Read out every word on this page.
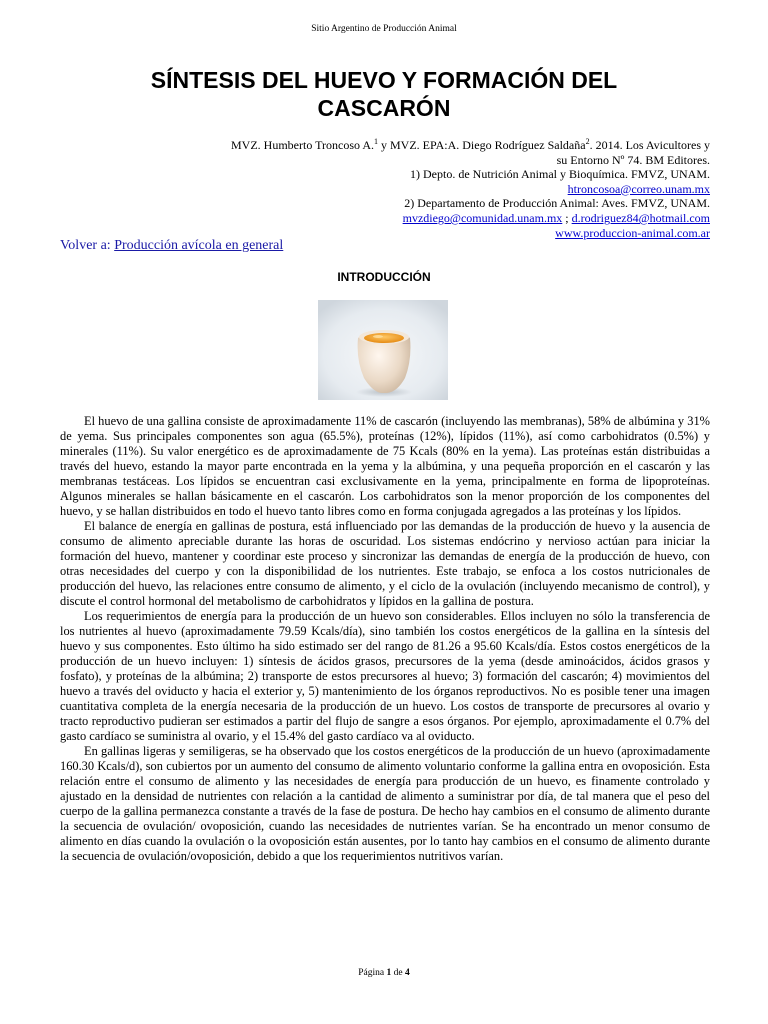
Sitio Argentino de Producción Animal
SÍNTESIS DEL HUEVO Y FORMACIÓN DEL
CASCARÓN
MVZ. Humberto Troncoso A.$^1$ y MVZ. EPA:A. Diego Rodríguez Saldaña$^2$. 2014. Los Avicultores y
su Entorno Nº 74. BM Editores.
1) Depto. de Nutrición Animal y Bioquímica. FMVZ, UNAM.
htroncosoa@correo.unam.mx
2) Departamento de Producción Animal: Aves. FMVZ, UNAM.
mvzdiego@comunidad.unam.mx ; d.rodriguez84@hotmail.com
www.produccion-animal.com.ar
Volver a: Producción avícola en general
INTRODUCCIÓN

El huevo de una gallina consiste de aproximadamente 11% de cascarón (incluyendo las membranas), 58% de albúmina y 31% de yema. Sus principales componentes son agua (65.5%), proteínas (12%), lípidos (11%), así como carbohidratos (0.5%) y minerales (11%). Su valor energético es de aproximadamente de 75 Kcals (80% en la yema). Las proteínas están distribuidas a través del huevo, estando la mayor parte encontrada en la yema y la albúmina, y una pequeña proporción en el cascarón y las membranas testáceas. Los lípidos se encuentran casi exclusivamente en la yema, principalmente en forma de lipoproteínas. Algunos minerales se hallan básicamente en el cascarón. Los carbohidratos son la menor proporción de los componentes del huevo, y se hallan distribuidos en todo el huevo tanto libres como en forma conjugada agregados a las proteínas y los lípidos.

El balance de energía en gallinas de postura, está influenciado por las demandas de la producción de huevo y la ausencia de consumo de alimento apreciable durante las horas de oscuridad. Los sistemas endócrino y nervioso actúan para iniciar la formación del huevo, mantener y coordinar este proceso y sincronizar las demandas de energía de la producción de huevo, con otras necesidades del cuerpo y con la disponibilidad de los nutrientes. Este trabajo, se enfoca a los costos nutricionales de producción del huevo, las relaciones entre consumo de alimento, y el ciclo de la ovulación (incluyendo mecanismo de control), y discute el control hormonal del metabolismo de carbohidratos y lípidos en la gallina de postura.

Los requerimientos de energía para la producción de un huevo son considerables. Ellos incluyen no sólo la transferencia de los nutrientes al huevo (aproximadamente 79.59 Kcals/día), sino también los costos energéticos de la gallina en la síntesis del huevo y sus componentes. Esto último ha sido estimado ser del rango de 81.26 a 95.60 Kcals/día. Estos costos energéticos de la producción de un huevo incluyen: 1) síntesis de ácidos grasos, precursores de la yema (desde aminoácidos, ácidos grasos y fosfato), y proteínas de la albúmina; 2) transporte de estos precursores al huevo; 3) formación del cascarón; 4) movimientos del huevo a través del oviducto y hacia el exterior y, 5) mantenimiento de los órganos reproductivos. No es posible tener una imagen cuantitativa completa de la energía necesaria de la producción de un huevo. Los costos de transporte de precursores al ovario y tracto reproductivo pudieran ser estimados a partir del flujo de sangre a esos órganos. Por ejemplo, aproximadamente el 0.7% del gasto cardíaco se suministra al ovario, y el 15.4% del gasto cardíaco va al oviducto.

En gallinas ligeras y semiligeras, se ha observado que los costos energéticos de la producción de un huevo (aproximadamente 160.30 Kcals/d), son cubiertos por un aumento del consumo de alimento voluntario conforme la gallina entra en ovoposición. Esta relación entre el consumo de alimento y las necesidades de energía para producción de un huevo, es finamente controlado y ajustado en la densidad de nutrientes con relación a la cantidad de alimento a suministrar por día, de tal manera que el peso del cuerpo de la gallina permanezca constante a través de la fase de postura. De hecho hay cambios en el consumo de alimento durante la secuencia de ovulación/ ovoposición, cuando las necesidades de nutrientes varían. Se ha encontrado un menor consumo de alimento en días cuando la ovulación o la ovoposición están ausentes, por lo tanto hay cambios en el consumo de alimento durante la secuencia de ovulación/ovoposición, debido a que los requerimientos nutritivos varían.

Página 1 de 4
